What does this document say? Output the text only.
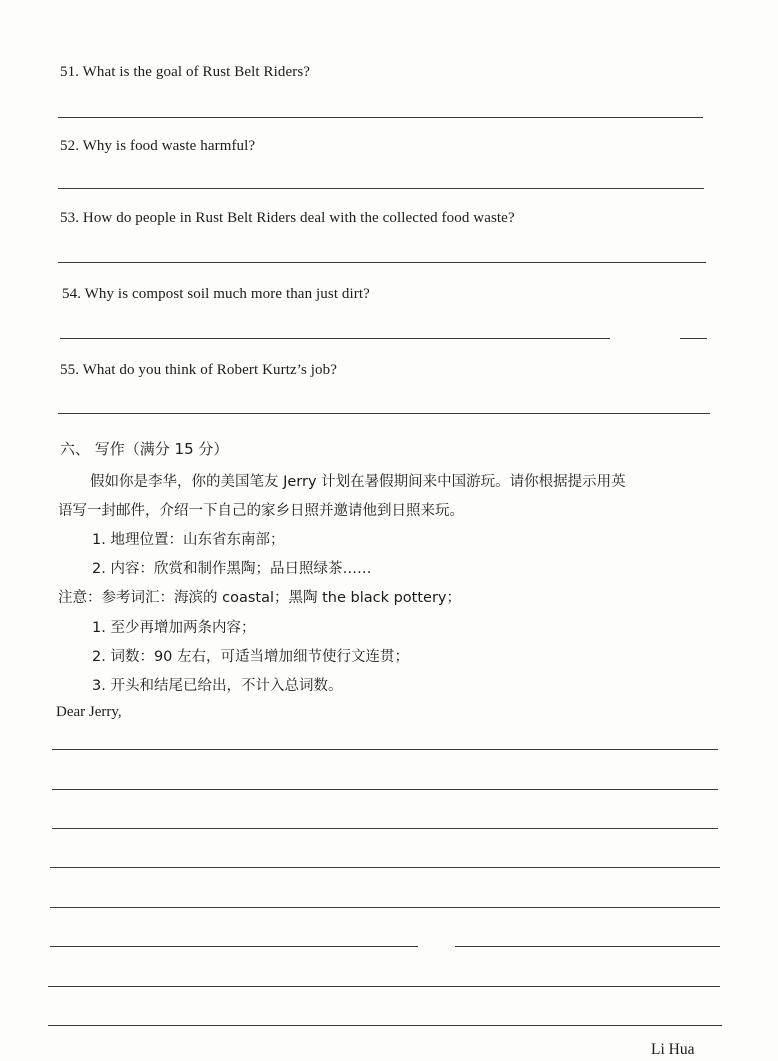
51. What is the goal of Rust Belt Riders?
52. Why is food waste harmful?
53. How do people in Rust Belt Riders deal with the collected food waste?
54. Why is compost soil much more than just dirt?
55. What do you think of Robert Kurtz’s job?
六、 写作（满分 15 分）
假如你是李华，你的美国笔友 Jerry 计划在暑假期间来中国游玩。请你根据提示用英
语写一封邮件，介绍一下自己的家乡日照并邀请他到日照来玩。
1. 地理位置：山东省东南部；
2. 内容：欣赏和制作黑陶；品日照绿茶……
注意：参考词汇：海滨的 coastal；黑陶 the black pottery；
1. 至少再增加两条内容；
2. 词数：90 左右，可适当增加细节使行文连贯；
3. 开头和结尾已给出，不计入总词数。
Dear Jerry,
Li Hua
